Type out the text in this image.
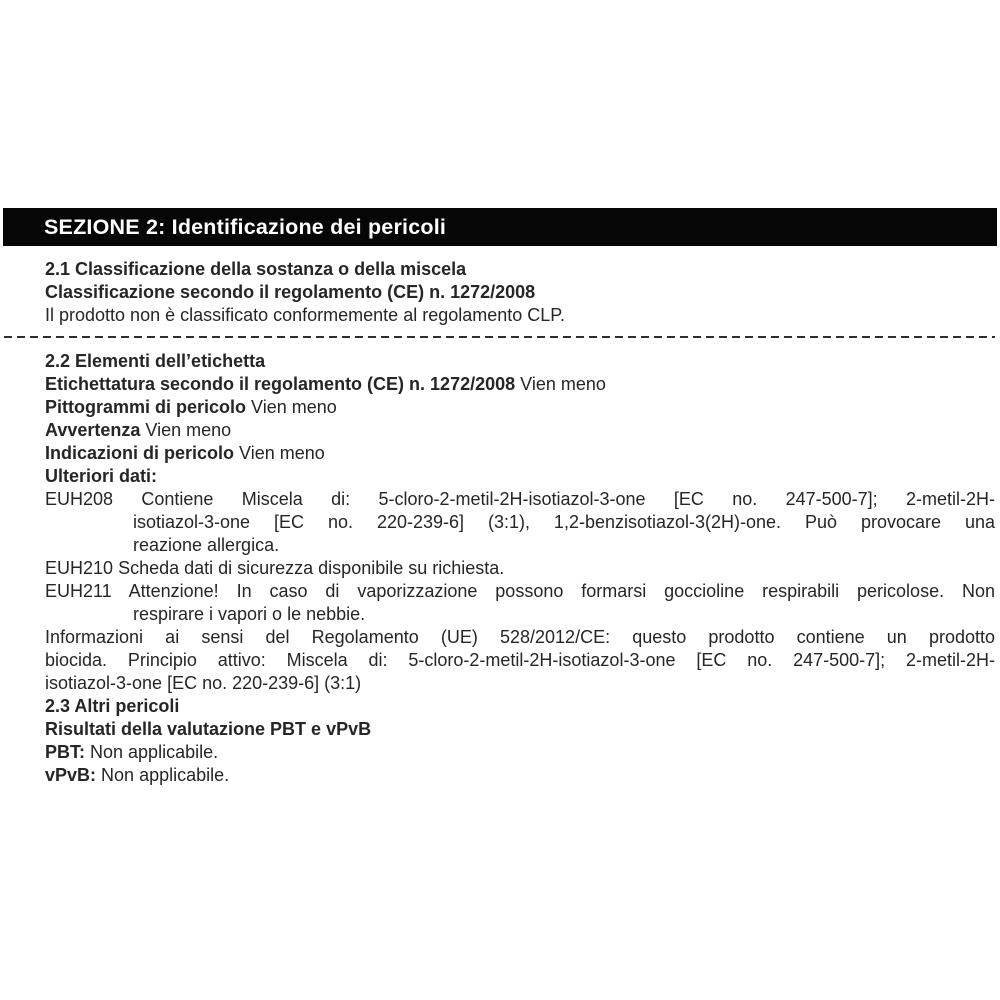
SEZIONE 2: Identificazione dei pericoli
2.1 Classificazione della sostanza o della miscela
Classificazione secondo il regolamento (CE) n. 1272/2008
Il prodotto non è classificato conformemente al regolamento CLP.
2.2 Elementi dell’etichetta
Etichettatura secondo il regolamento (CE) n. 1272/2008 Vien meno
Pittogrammi di pericolo Vien meno
Avvertenza Vien meno
Indicazioni di pericolo Vien meno
Ulteriori dati:
EUH208 Contiene Miscela di: 5-cloro-2-metil-2H-isotiazol-3-one [EC no. 247-500-7]; 2-metil-2H-
isotiazol-3-one [EC no. 220-239-6] (3:1), 1,2-benzisotiazol-3(2H)-one. Può provocare una
reazione allergica.
EUH210 Scheda dati di sicurezza disponibile su richiesta.
EUH211 Attenzione! In caso di vaporizzazione possono formarsi goccioline respirabili pericolose. Non
respirare i vapori o le nebbie.
Informazioni ai sensi del Regolamento (UE) 528/2012/CE: questo prodotto contiene un prodotto
biocida. Principio attivo: Miscela di: 5-cloro-2-metil-2H-isotiazol-3-one [EC no. 247-500-7]; 2-metil-2H-
isotiazol-3-one [EC no. 220-239-6] (3:1)
2.3 Altri pericoli
Risultati della valutazione PBT e vPvB
PBT: Non applicabile.
vPvB: Non applicabile.
